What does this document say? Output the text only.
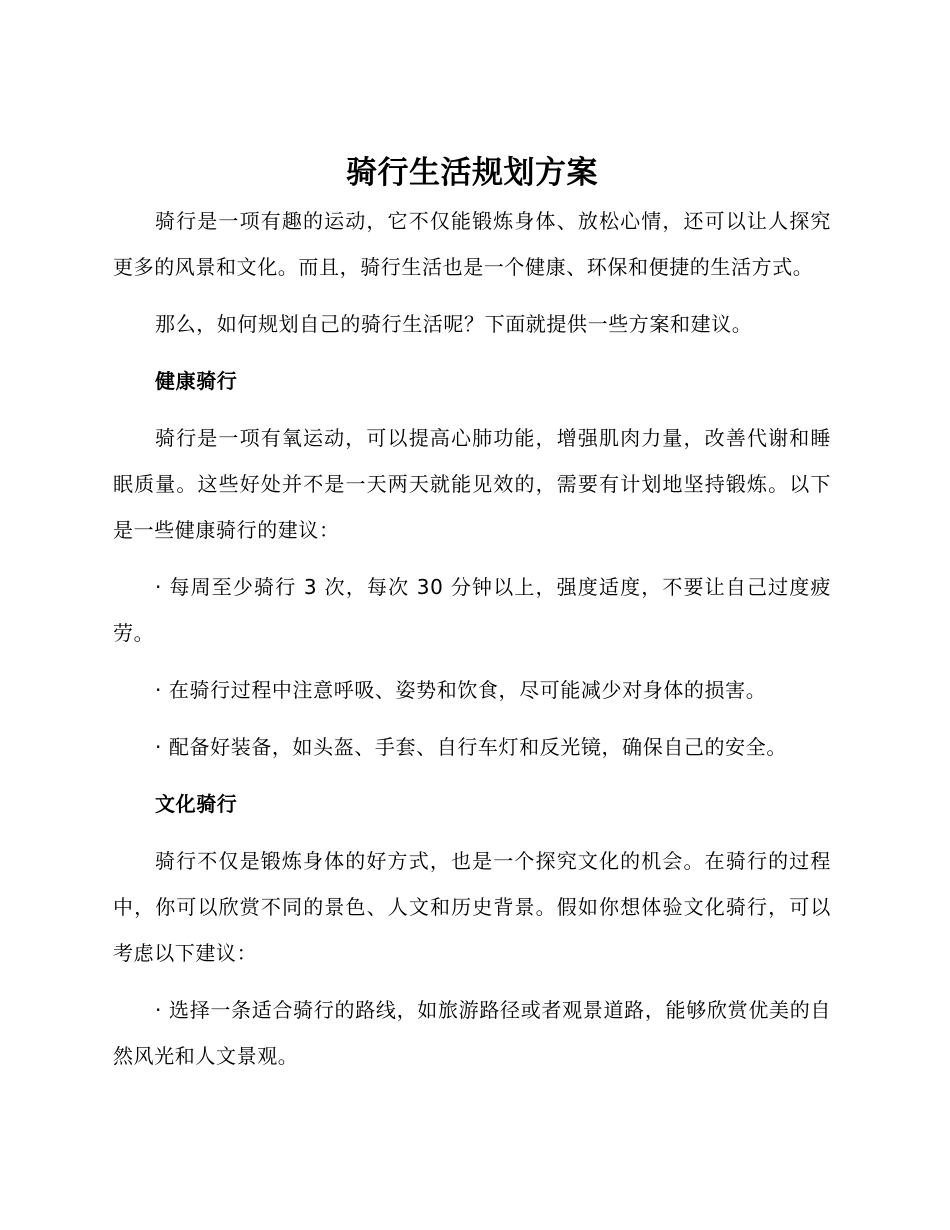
骑行生活规划方案

骑行是一项有趣的运动，它不仅能锻炼身体、放松心情，还可以让人探究更多的风景和文化。而且，骑行生活也是一个健康、环保和便捷的生活方式。

那么，如何规划自己的骑行生活呢？下面就提供一些方案和建议。

健康骑行

骑行是一项有氧运动，可以提高心肺功能，增强肌肉力量，改善代谢和睡眠质量。这些好处并不是一天两天就能见效的，需要有计划地坚持锻炼。以下是一些健康骑行的建议：

· 每周至少骑行 3 次，每次 30 分钟以上，强度适度，不要让自己过度疲劳。

· 在骑行过程中注意呼吸、姿势和饮食，尽可能减少对身体的损害。

· 配备好装备，如头盔、手套、自行车灯和反光镜，确保自己的安全。

文化骑行

骑行不仅是锻炼身体的好方式，也是一个探究文化的机会。在骑行的过程中，你可以欣赏不同的景色、人文和历史背景。假如你想体验文化骑行，可以考虑以下建议：

· 选择一条适合骑行的路线，如旅游路径或者观景道路，能够欣赏优美的自然风光和人文景观。
